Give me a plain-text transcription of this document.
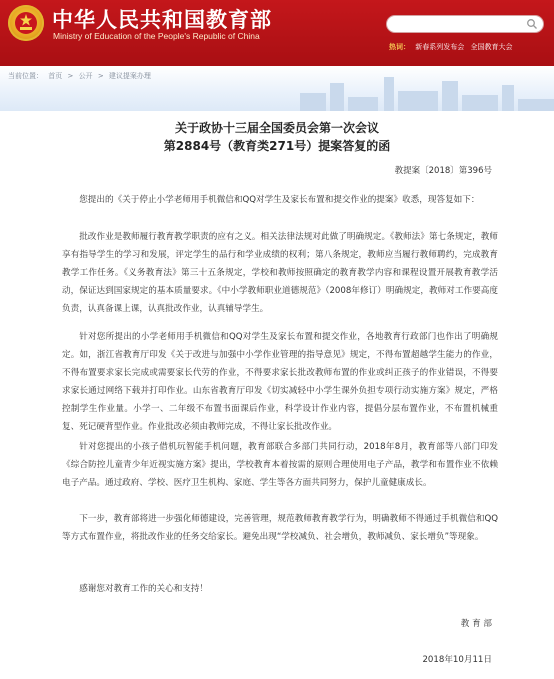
中华人民共和国教育部

Ministry of Education of the People's Republic of China

热词： 新春系列发布会 全国教育大会
当前位置： 首页 > 公开 > 建议提案办理
关于政协十三届全国委员会第一次会议
第2884号（教育类271号）提案答复的函
教提案〔2018〕第396号

您提出的《关于停止小学老师用手机微信和QQ对学生及家长布置和提交作业的提案》收悉，现答复如下：

批改作业是教师履行教育教学职责的应有之义。相关法律法规对此做了明确规定。《教师法》第七条规定，教师享有指导学生的学习和发展，评定学生的品行和学业成绩的权利；第八条规定，教师应当履行教师聘约，完成教育教学工作任务。《义务教育法》第三十五条规定，学校和教师按照确定的教育教学内容和课程设置开展教育教学活动，保证达到国家规定的基本质量要求。《中小学教师职业道德规范》（2008年修订）明确规定，教师对工作要高度负责，认真备课上课，认真批改作业，认真辅导学生。

针对您所提出的小学老师用手机微信和QQ对学生及家长布置和提交作业，各地教育行政部门也作出了明确规定。如，浙江省教育厅印发《关于改进与加强中小学作业管理的指导意见》规定，不得布置超越学生能力的作业，不得布置要求家长完成或需要家长代劳的作业，不得要求家长批改教师布置的作业或纠正孩子的作业错误，不得要求家长通过网络下载并打印作业。山东省教育厅印发《切实减轻中小学生课外负担专项行动实施方案》规定，严格控制学生作业量。小学一、二年级不布置书面课后作业，科学设计作业内容，提倡分层布置作业，不布置机械重复、死记硬背型作业。作业批改必须由教师完成，不得让家长批改作业。

针对您提出的小孩子借机玩智能手机问题，教育部联合多部门共同行动，2018年8月，教育部等八部门印发《综合防控儿童青少年近视实施方案》提出，学校教育本着按需的原则合理使用电子产品，教学和布置作业不依赖电子产品。通过政府、学校、医疗卫生机构、家庭、学生等各方面共同努力，保护儿童健康成长。

下一步，教育部将进一步强化师德建设，完善管理，规范教师教育教学行为，明确教师不得通过手机微信和QQ等方式布置作业，将批改作业的任务交给家长。避免出现“学校减负、社会增负，教师减负、家长增负”等现象。

感谢您对教育工作的关心和支持！

教 育 部
2018年10月11日
